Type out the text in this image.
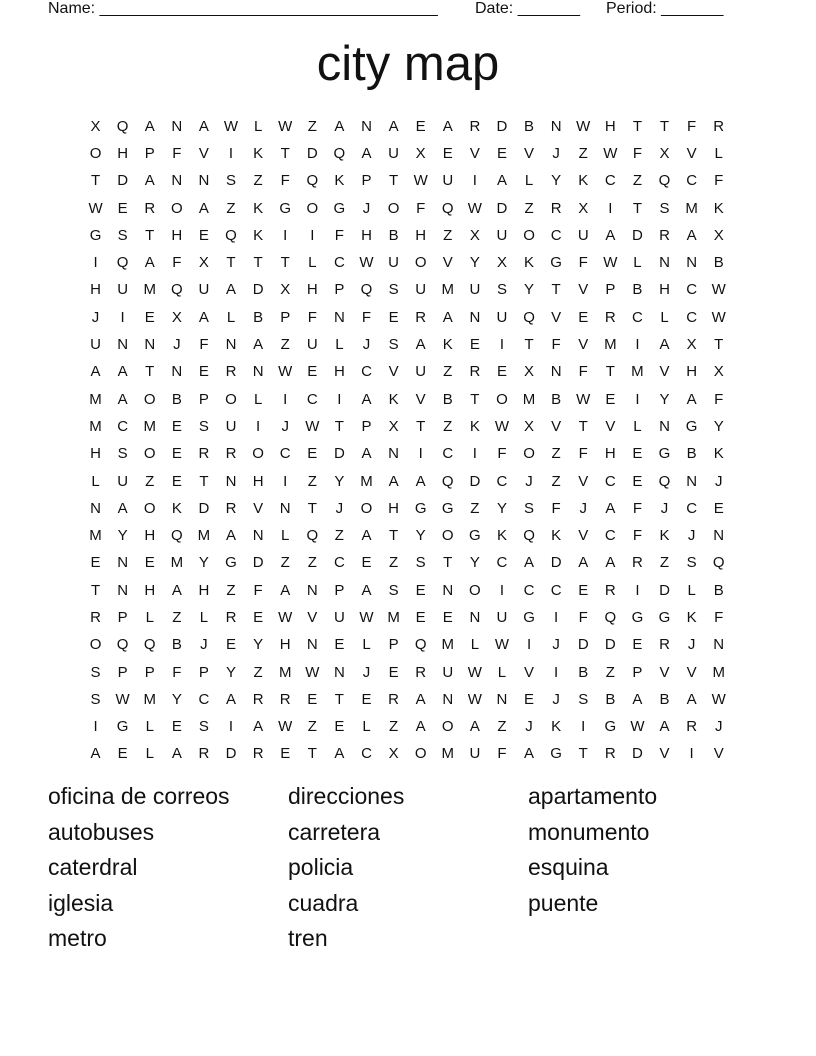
Name: ______________________________________ Date: _______ Period: _______
city map
X	Q	A	N	A	W	L	W	Z	A	N	A	E	A	R	D	B	N W H	T	T	F	R
O	H	P	F	V	I	K	T	D	Q	A	U	X	E	V	E	V	J	Z	W	F	X	V	L
T	D	A	N	N	S	Z	F	Q	K	P	T	W U	I	A	L	Y	K	C	Z	Q	C	F
W	E	R	O	A	Z	K	G	O	G	J	O	F	Q W D	Z	R	X	I	T	S	M	K
G	S	T	H	E	Q	K	I	I	F	H	B	H	Z	X	U	O	C	U	A	D	R	A	X
I	Q	A	F	X	T	T	T	L	C W U	O	V	Y	X	K	G	F	W	L	N	N	B
H	U	M	Q	U	A	D	X	H	P	Q	S	U	M	U	S	Y	T	V	P	B	H	C W
J	I	E	X	A	L	B	P	F	N	F	E	R	A	N	U	Q	V	E	R	C	L	C W
U	N	N	J	F	N	A	Z	U	L	J	S	A	K	E	I	T	F	V	M	I	A	X	T
A	A	T	N	E	R	N W	E	H	C	V	U	Z	R	E	X	N	F	T	M	V	H	X
M	A	O	B	P	O	L	I	C	I	A	K	V	B	T	O	M	B	W	E	I	Y	A	F
M	C	M	E	S	U	I	J	W	T	P	X	T	Z	K	W	X	V	T	V	L	N	G	Y
H	S	O	E	R	R	O	C	E	D	A	N	I	C	I	F	O	Z	F	H	E	G	B	K
L	U	Z	E	T	N	H	I	Z	Y	M	A	A	Q	D	C	J	Z	V	C	E	Q	N	J
N	A	O	K	D	R	V	N	T	J	O	H	G	G	Z	Y	S	F	J	A	F	J	C	E
M	Y	H	Q	M	A	N	L	Q	Z	A	T	Y	O	G	K	Q	K	V	C	F	K	J	N
E	N	E	M	Y	G	D	Z	Z	C	E	Z	S	T	Y	C	A	D	A	A	R	Z	S	Q
T	N	H	A	H	Z	F	A	N	P	A	S	E	N	O	I	C	C	E	R	I	D	L	B
R	P	L	Z	L	R	E	W	V	U W M	E	E	N	U	G	I	F	Q	G	G	K	F
O	Q	Q	B	J	E	Y	H	N	E	L	P	Q	M	L	W	I	J	D	D	E	R	J	N
S	P	P	F	P	Y	Z	M W N	J	E	R	U W	L	V	I	B	Z	P	V	V	M
S	W M	Y	C	A	R	R	E	T	E	R	A	N W N	E	J	S	B	A	B	A	W
I	G	L	E	S	I	A	W	Z	E	L	Z	A	O	A	Z	J	K	I	G W	A	R	J
A	E	L	A	R	D	R	E	T	A	C	X	O	M	U	F	A	G	T	R	D	V	I	V
oficina de correos	direcciones	apartamento
autobuses	carretera	monumento
caterdral	policia	esquina
iglesia	cuadra	puente
metro	tren
